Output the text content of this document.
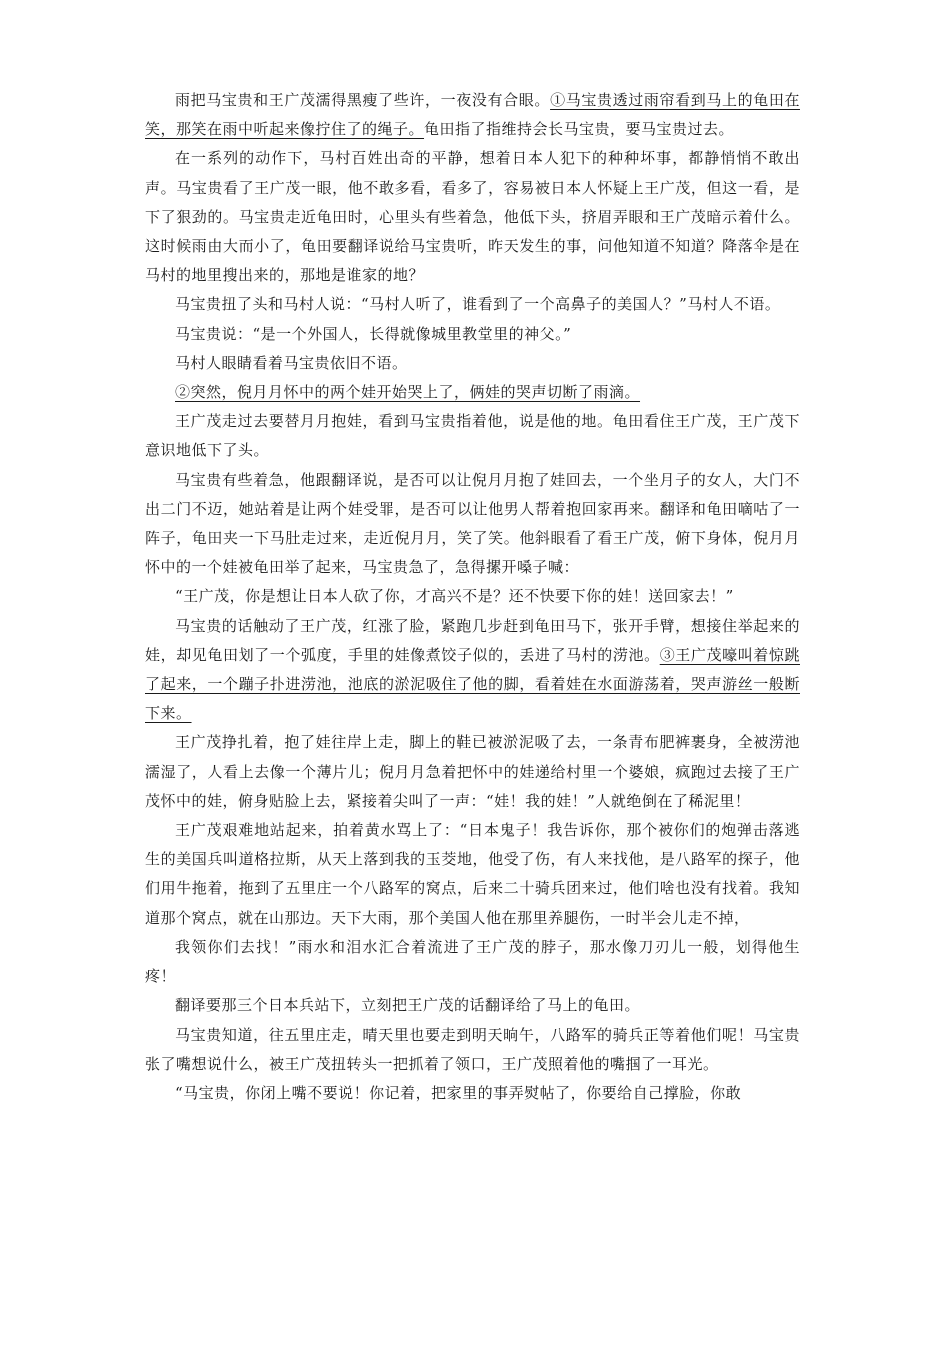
雨把马宝贵和王广茂濡得黑瘦了些许，一夜没有合眼。①马宝贵透过雨帘看到马上的龟田在笑，那笑在雨中听起来像拧住了的绳子。龟田指了指维持会长马宝贵，要马宝贵过去。

在一系列的动作下，马村百姓出奇的平静，想着日本人犯下的种种坏事，都静悄悄不敢出声。马宝贵看了王广茂一眼，他不敢多看，看多了，容易被日本人怀疑上王广茂，但这一看，是下了狠劲的。马宝贵走近龟田时，心里头有些着急，他低下头，挤眉弄眼和王广茂暗示着什么。这时候雨由大而小了，龟田要翻译说给马宝贵听，昨天发生的事，问他知道不知道？降落伞是在马村的地里搜出来的，那地是谁家的地？

马宝贵扭了头和马村人说：“马村人听了，谁看到了一个高鼻子的美国人？”马村人不语。

马宝贵说：“是一个外国人，长得就像城里教堂里的神父。”

马村人眼睛看着马宝贵依旧不语。

②突然，倪月月怀中的两个娃开始哭上了，俩娃的哭声切断了雨滴。

王广茂走过去要替月月抱娃，看到马宝贵指着他，说是他的地。龟田看住王广茂，王广茂下意识地低下了头。

马宝贵有些着急，他跟翻译说，是否可以让倪月月抱了娃回去，一个坐月子的女人，大门不出二门不迈，她站着是让两个娃受罪，是否可以让他男人帮着抱回家再来。翻译和龟田嘀咕了一阵子，龟田夹一下马肚走过来，走近倪月月，笑了笑。他斜眼看了看王广茂，俯下身体，倪月月怀中的一个娃被龟田举了起来，马宝贵急了，急得摞开嗓子喊：

“王广茂，你是想让日本人砍了你，才高兴不是？还不快要下你的娃！送回家去！”

马宝贵的话触动了王广茂，红涨了脸，紧跑几步赶到龟田马下，张开手臂，想接住举起来的娃，却见龟田划了一个弧度，手里的娃像煮饺子似的，丢进了马村的涝池。③王广茂嚎叫着惊跳了起来，一个蹦子扑进涝池，池底的淤泥吸住了他的脚，看着娃在水面游荡着，哭声游丝一般断下来。

王广茂挣扎着，抱了娃往岸上走，脚上的鞋已被淤泥吸了去，一条青布肥裤裹身，全被涝池濡湿了，人看上去像一个薄片儿；倪月月急着把怀中的娃递给村里一个婆娘，疯跑过去接了王广茂怀中的娃，俯身贴脸上去，紧接着尖叫了一声：“娃！我的娃！”人就绝倒在了稀泥里！

王广茂艰难地站起来，拍着黄水骂上了：“日本鬼子！我告诉你，那个被你们的炮弹击落逃生的美国兵叫道格拉斯，从天上落到我的玉茭地，他受了伤，有人来找他，是八路军的探子，他们用牛拖着，拖到了五里庄一个八路军的窝点，后来二十骑兵团来过，他们啥也没有找着。我知道那个窝点，就在山那边。天下大雨，那个美国人他在那里养腿伤，一时半会儿走不掉，

我领你们去找！”雨水和泪水汇合着流进了王广茂的脖子，那水像刀刃儿一般，划得他生疼！

翻译要那三个日本兵站下，立刻把王广茂的话翻译给了马上的龟田。

马宝贵知道，往五里庄走，晴天里也要走到明天晌午，八路军的骑兵正等着他们呢！马宝贵张了嘴想说什么，被王广茂扭转头一把抓着了领口，王广茂照着他的嘴掴了一耳光。

“马宝贵，你闭上嘴不要说！你记着，把家里的事弄熨帖了，你要给自己撑脸，你敢
